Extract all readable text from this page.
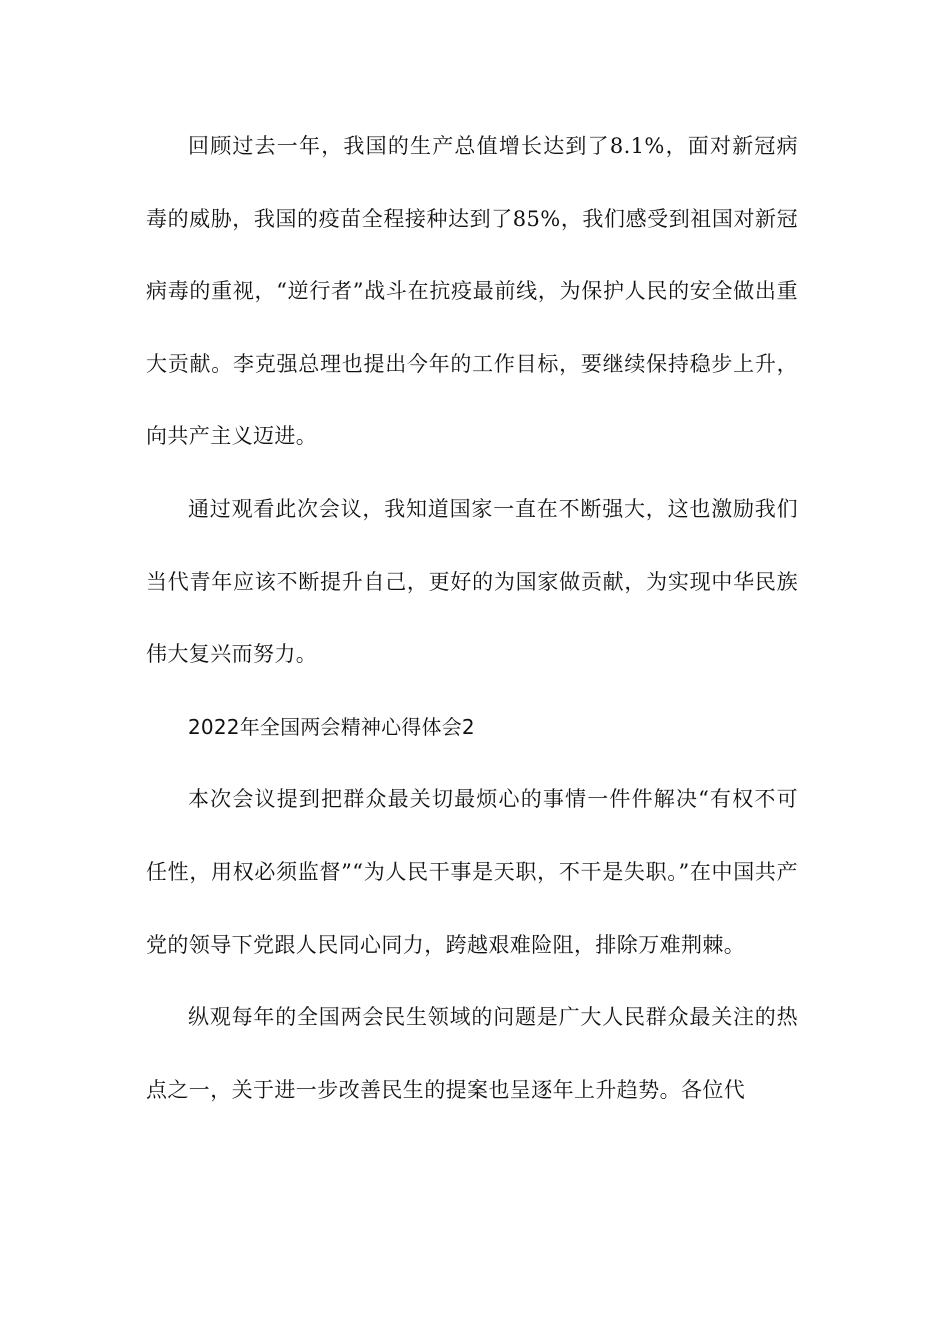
回顾过去一年，我国的生产总值增长达到了8.1%，面对新冠病毒的威胁，我国的疫苗全程接种达到了85%，我们感受到祖国对新冠病毒的重视，“逆行者”战斗在抗疫最前线，为保护人民的安全做出重大贡献。李克强总理也提出今年的工作目标，要继续保持稳步上升，向共产主义迈进。

通过观看此次会议，我知道国家一直在不断强大，这也激励我们当代青年应该不断提升自己，更好的为国家做贡献，为实现中华民族伟大复兴而努力。

2022年全国两会精神心得体会2

本次会议提到把群众最关切最烦心的事情一件件解决“有权不可任性，用权必须监督”“为人民干事是天职，不干是失职。”在中国共产党的领导下党跟人民同心同力，跨越艰难险阻，排除万难荆棘。

纵观每年的全国两会民生领域的问题是广大人民群众最关注的热点之一，关于进一步改善民生的提案也呈逐年上升趋势。各位代
